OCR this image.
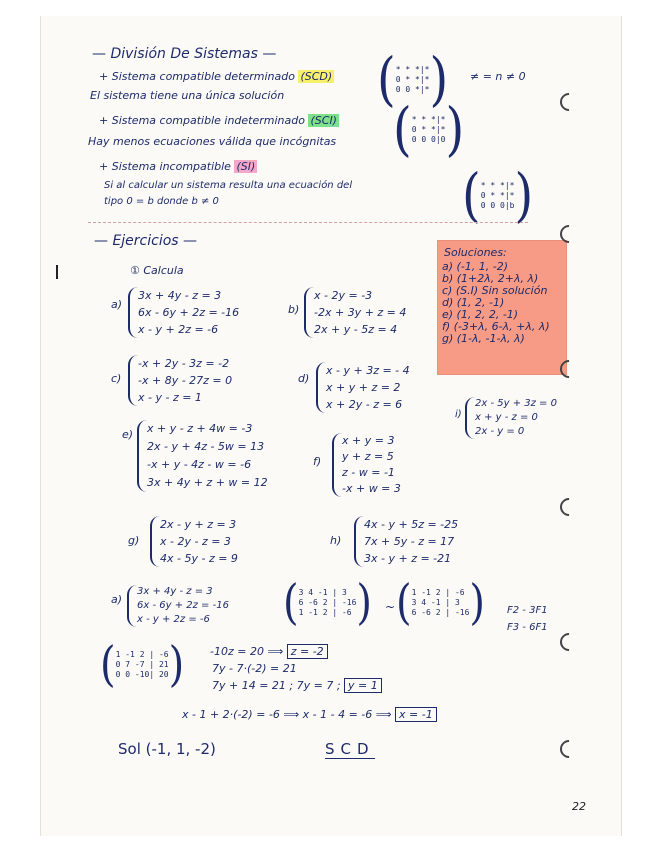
— División De Sistemas —
+ Sistema compatible determinado (SCD)
El sistema tiene una única solución ( * * *|*
0 * *|*
0 0 *|* ) ≠ = n ≠ 0
+ Sistema compatible indeterminado (SCI)
Hay menos ecuaciones válida que incógnitas ( * * *|*
0 * *|*
0 0 0|0 )
+ Sistema incompatible (SI)
Si al calcular un sistema resulta una ecuación del
tipo 0 = b donde b ≠ 0	( * * *|*
0 * *|*
0 0 0|b )
— Ejercicios —
① Calcula
Soluciones:
a) (-1, 1, -2)
b) (1+2λ, 2+λ, λ)
c) (S.I) Sin solución
d) (1, 2, -1)
e) (1, 2, 2, -1)
f) (-3+λ, 6-λ, +λ, λ)
g) (1-λ, -1-λ, λ)
a)
3x + 4y - z = 3
6x - 6y + 2z = -16
x - y + 2z = -6
b)
x - 2y = -3
-2x + 3y + z = 4
2x + y - 5z = 4
c)
-x + 2y - 3z = -2
-x + 8y - 27z = 0
x - y - z = 1
d)
x - y + 3z = - 4
x + y + z = 2
x + 2y - z = 6
i)
2x - 5y + 3z = 0
x + y - z = 0
2x - y = 0
e) x + y - z + 4w = -3
2x - y + 4z - 5w = 13
-x + y - 4z - w = -6
3x + 4y + z + w = 12
f)
x + y = 3
y + z = 5
z - w = -1
-x + w = 3
g)
2x - y + z = 3
x - 2y - z = 3
4x - 5y - z = 9
h)
4x - y + 5z = -25
7x + 5y - z = 17
3x - y + z = -21
a)
3x + 4y - z = 3
6x - 6y + 2z = -16
x - y + 2z = -6	( 3 4 -1 | 3
6 -6 2 | -16
1 -1 2 | -6 ) ~ ( 1 -1 2 | -6
3 4 -1 | 3
6 -6 2 | -16 ) F2 - 3F1
F3 - 6F1
( 1 -1 2 | -6
0 7 -7 | 21
0 0 -10| 20 ) -10z = 20 ⟹ z = -2
7y - 7·(-2) = 21
7y + 14 = 21 ; 7y = 7 ; y = 1
x - 1 + 2·(-2) = -6 ⟹ x - 1 - 4 = -6 ⟹ x = -1
Sol (-1, 1, -2)	SCD
22
